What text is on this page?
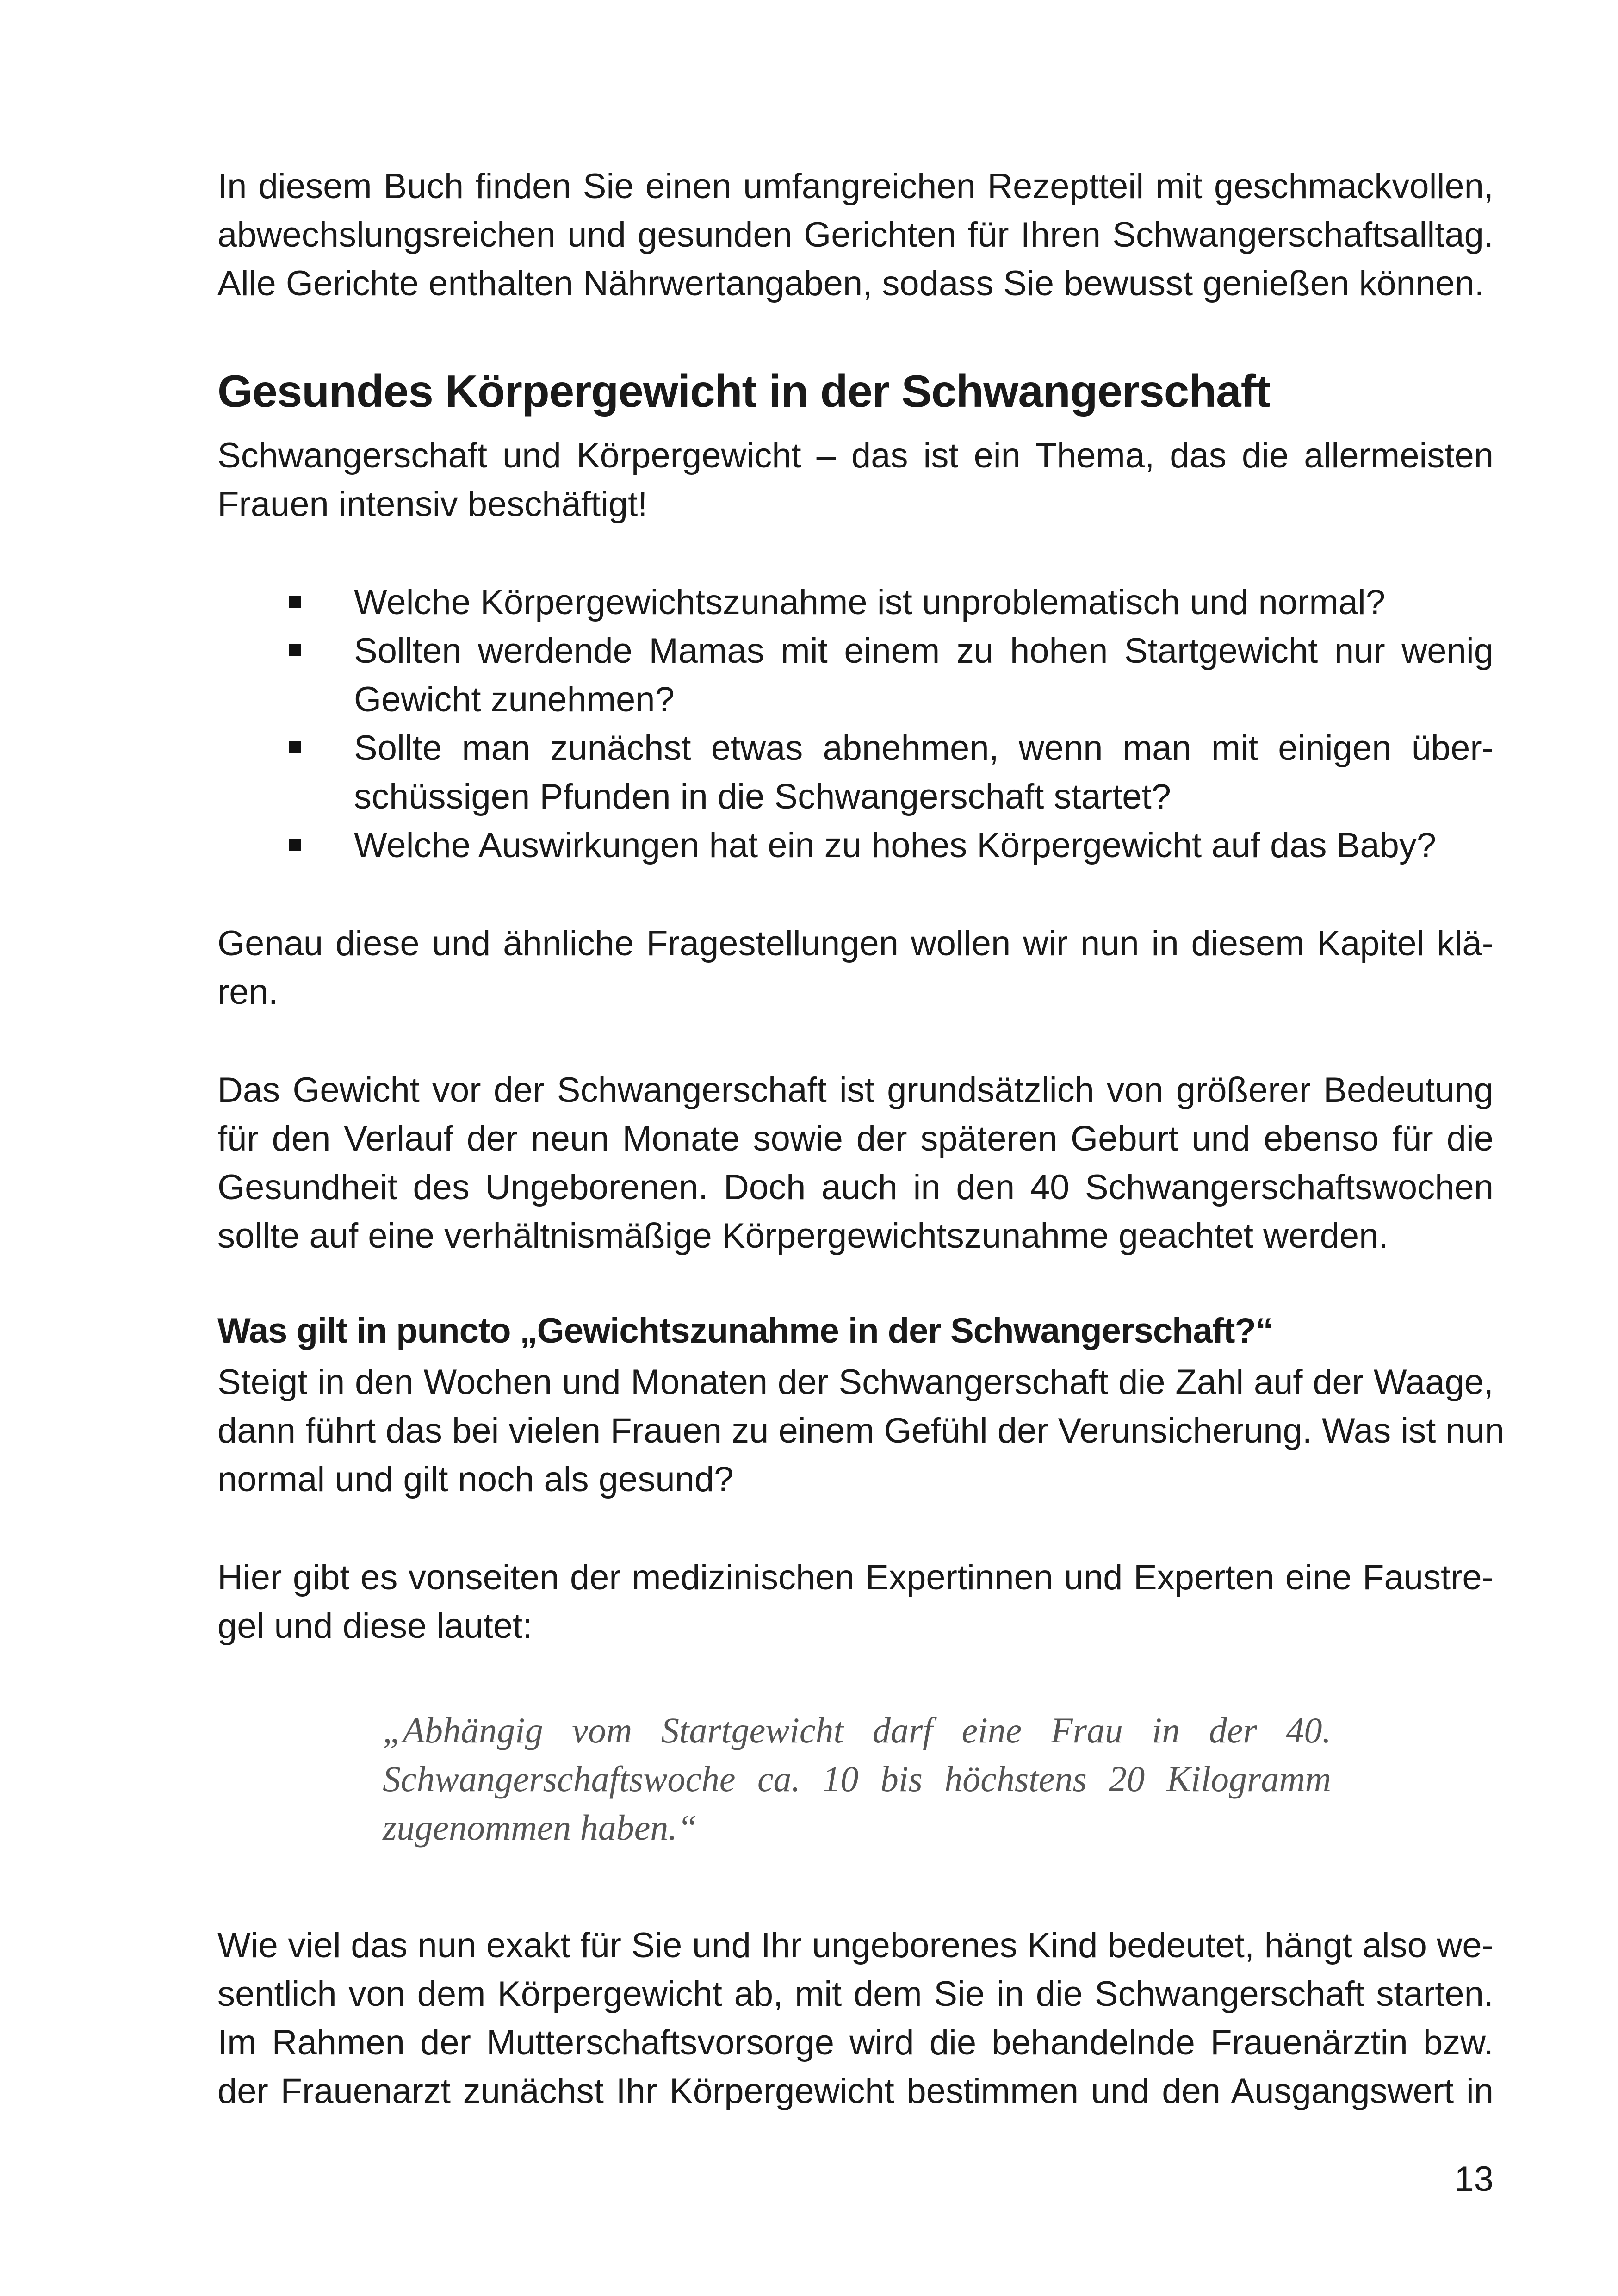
In diesem Buch finden Sie einen umfangreichen Rezeptteil mit geschmackvollen,
abwechslungsreichen und gesunden Gerichten für Ihren Schwangerschaftsalltag.
Alle Gerichte enthalten Nährwertangaben, sodass Sie bewusst genießen können.

Gesundes Körpergewicht in der Schwangerschaft

Schwangerschaft und Körpergewicht – das ist ein Thema, das die allermeisten
Frauen intensiv beschäftigt!

Welche Körpergewichtszunahme ist unproblematisch und normal?
Sollten werdende Mamas mit einem zu hohen Startgewicht nur wenig
Gewicht zunehmen?
Sollte man zunächst etwas abnehmen, wenn man mit einigen über-
schüssigen Pfunden in die Schwangerschaft startet?
Welche Auswirkungen hat ein zu hohes Körpergewicht auf das Baby?

Genau diese und ähnliche Fragestellungen wollen wir nun in diesem Kapitel klä-
ren.

Das Gewicht vor der Schwangerschaft ist grundsätzlich von größerer Bedeutung
für den Verlauf der neun Monate sowie der späteren Geburt und ebenso für die
Gesundheit des Ungeborenen. Doch auch in den 40 Schwangerschaftswochen
sollte auf eine verhältnismäßige Körpergewichtszunahme geachtet werden.

Was gilt in puncto „Gewichtszunahme in der Schwangerschaft?“

Steigt in den Wochen und Monaten der Schwangerschaft die Zahl auf der Waage,
dann führt das bei vielen Frauen zu einem Gefühl der Verunsicherung. Was ist nun
normal und gilt noch als gesund?

Hier gibt es vonseiten der medizinischen Expertinnen und Experten eine Faustre-
gel und diese lautet:

„Abhängig vom Startgewicht darf eine Frau in der 40.
Schwangerschaftswoche ca. 10 bis höchstens 20 Kilogramm
zugenommen haben.“

Wie viel das nun exakt für Sie und Ihr ungeborenes Kind bedeutet, hängt also we-
sentlich von dem Körpergewicht ab, mit dem Sie in die Schwangerschaft starten.
Im Rahmen der Mutterschaftsvorsorge wird die behandelnde Frauenärztin bzw.
der Frauenarzt zunächst Ihr Körpergewicht bestimmen und den Ausgangswert in

13
